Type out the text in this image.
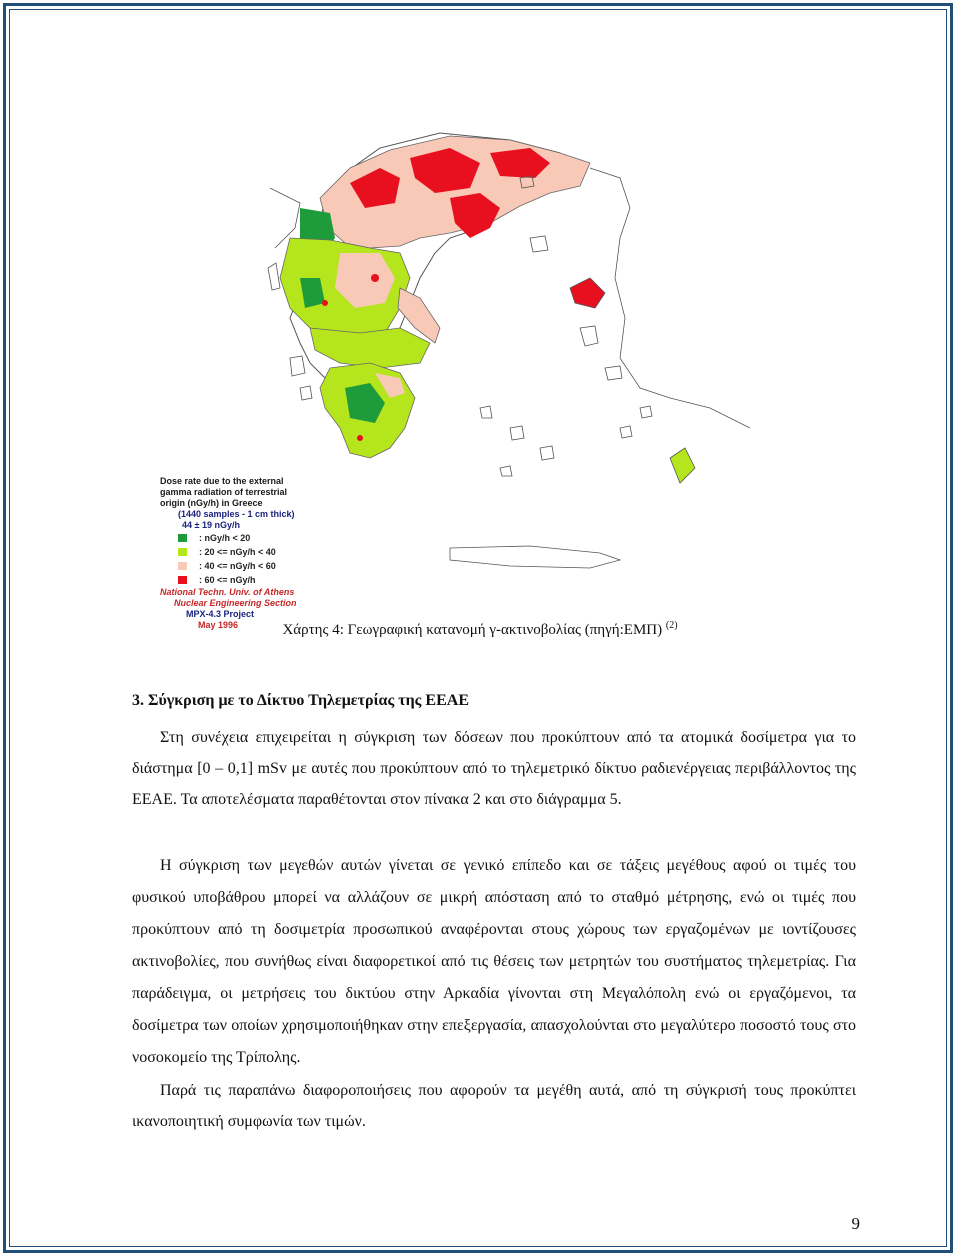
Dose rate due to the external
gamma radiation of terrestrial
origin (nGy/h) in Greece
(1440 samples - 1 cm thick)
44 ± 19 nGy/h
: nGy/h < 20
: 20 <= nGy/h < 40
: 40 <= nGy/h < 60
: 60 <= nGy/h
National Techn. Univ. of Athens
Nuclear Engineering Section
MPX-4.3 Project
May 1996	Χάρτης 4: Γεωγραφική κατανομή γ-ακτινοβολίας (πηγή:ΕΜΠ) $^{(2)}$
3. Σύγκριση με το Δίκτυο Τηλεμετρίας της ΕΕΑΕ
Στη συνέχεια επιχειρείται η σύγκριση των δόσεων που προκύπτουν από τα ατομικά δοσίμετρα για το διάστημα [0 – 0,1] mSv με αυτές που προκύπτουν από το τηλεμετρικό δίκτυο ραδιενέργειας περιβάλλοντος της ΕΕΑΕ. Τα αποτελέσματα παραθέτονται στον πίνακα 2 και στο διάγραμμα 5.
Η σύγκριση των μεγεθών αυτών γίνεται σε γενικό επίπεδο και σε τάξεις μεγέθους αφού οι τιμές του φυσικού υποβάθρου μπορεί να αλλάζουν σε μικρή απόσταση από το σταθμό μέτρησης, ενώ οι τιμές που προκύπτουν από τη δοσιμετρία προσωπικού αναφέρονται στους χώρους των εργαζομένων με ιοντίζουσες ακτινοβολίες, που συνήθως είναι διαφορετικοί από τις θέσεις των μετρητών του συστήματος τηλεμετρίας. Για παράδειγμα, οι μετρήσεις του δικτύου στην Αρκαδία γίνονται στη Μεγαλόπολη ενώ οι εργαζόμενοι, τα δοσίμετρα των οποίων χρησιμοποιήθηκαν στην επεξεργασία, απασχολούνται στο μεγαλύτερο ποσοστό τους στο νοσοκομείο της Τρίπολης.
Παρά τις παραπάνω διαφοροποιήσεις που αφορούν τα μεγέθη αυτά, από τη σύγκρισή τους προκύπτει ικανοποιητική συμφωνία των τιμών.
9
